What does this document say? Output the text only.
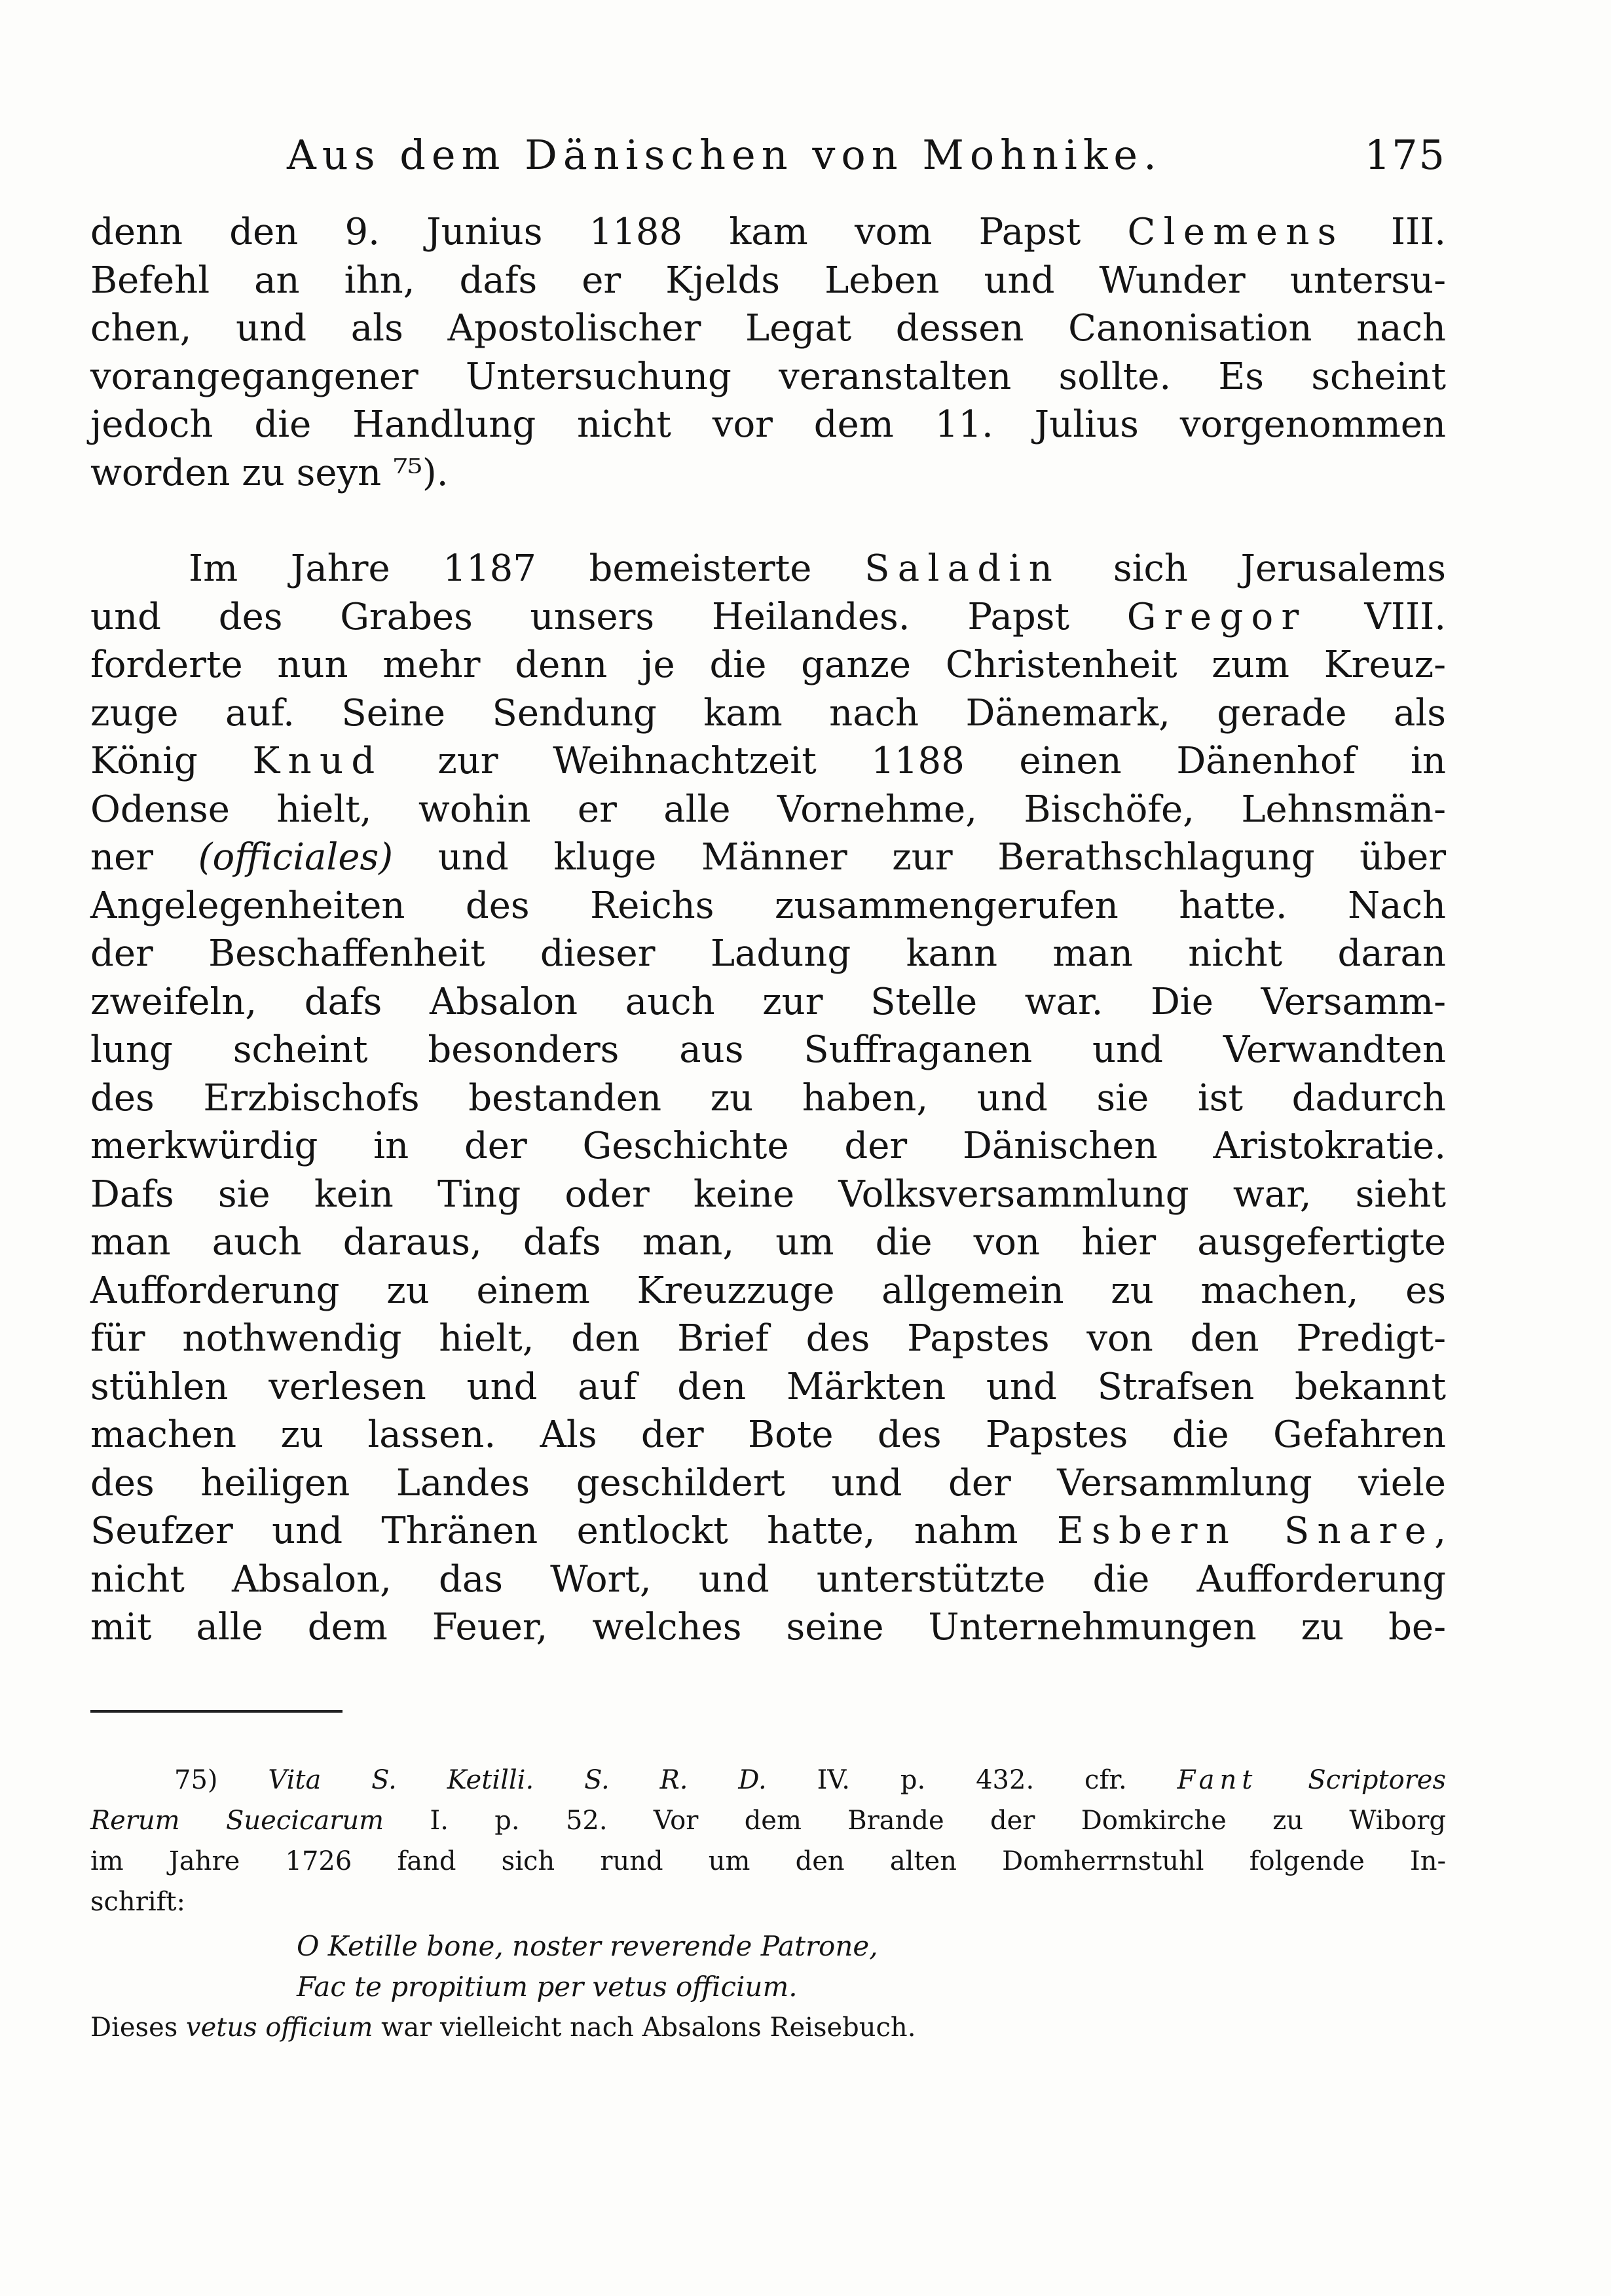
Aus dem Dänischen von Mohnike.	175
denn den 9. Junius 1188 kam vom Papst Clemens III.
Befehl an ihn, dafs er Kjelds Leben und Wunder untersu-
chen, und als Apostolischer Legat dessen Canonisation nach
vorangegangener Untersuchung veranstalten sollte. Es scheint
jedoch die Handlung nicht vor dem 11. Julius vorgenommen
worden zu seyn ⁷⁵).
Im Jahre 1187 bemeisterte Saladin sich Jerusalems
und des Grabes unsers Heilandes. Papst Gregor VIII.
forderte nun mehr denn je die ganze Christenheit zum Kreuz-
zuge auf. Seine Sendung kam nach Dänemark, gerade als
König Knud zur Weihnachtzeit 1188 einen Dänenhof in
Odense hielt, wohin er alle Vornehme, Bischöfe, Lehnsmän-
ner (officiales) und kluge Männer zur Berathschlagung über
Angelegenheiten des Reichs zusammengerufen hatte. Nach
der Beschaffenheit dieser Ladung kann man nicht daran
zweifeln, dafs Absalon auch zur Stelle war. Die Versamm-
lung scheint besonders aus Suffraganen und Verwandten
des Erzbischofs bestanden zu haben, und sie ist dadurch
merkwürdig in der Geschichte der Dänischen Aristokratie.
Dafs sie kein Ting oder keine Volksversammlung war, sieht
man auch daraus, dafs man, um die von hier ausgefertigte
Aufforderung zu einem Kreuzzuge allgemein zu machen, es
für nothwendig hielt, den Brief des Papstes von den Predigt-
stühlen verlesen und auf den Märkten und Strafsen bekannt
machen zu lassen. Als der Bote des Papstes die Gefahren
des heiligen Landes geschildert und der Versammlung viele
Seufzer und Thränen entlockt hatte, nahm Esbern Snare,
nicht Absalon, das Wort, und unterstützte die Aufforderung
mit alle dem Feuer, welches seine Unternehmungen zu be-
75) Vita S. Ketilli. S. R. D. IV. p. 432. cfr. Fant Scriptores
Rerum Suecicarum I. p. 52. Vor dem Brande der Domkirche zu Wiborg
im Jahre 1726 fand sich rund um den alten Domherrnstuhl folgende In-
schrift:
O Ketille bone, noster reverende Patrone,
Fac te propitium per vetus officium.
Dieses vetus officium war vielleicht nach Absalons Reisebuch.
